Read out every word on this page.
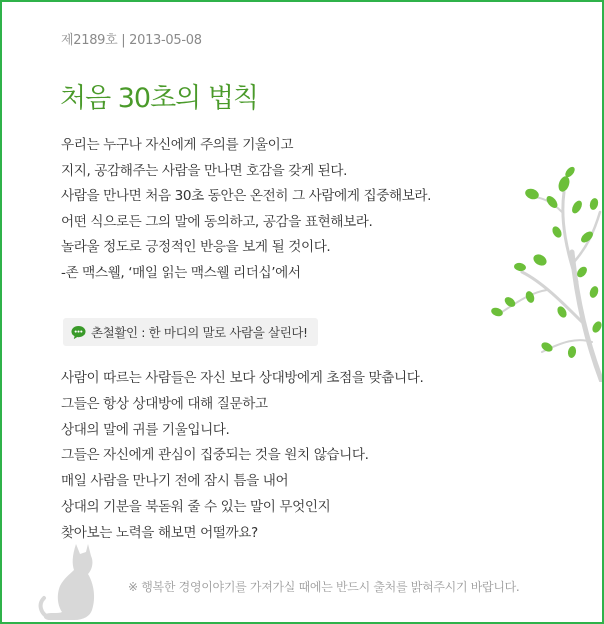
제2189호 | 2013-05-08
처음 30초의 법칙
우리는 누구나 자신에게 주의를 기울이고
지지, 공감해주는 사람을 만나면 호감을 갖게 된다.
사람을 만나면 처음 30초 동안은 온전히 그 사람에게 집중해보라.
어떤 식으로든 그의 말에 동의하고, 공감을 표현해보라.
놀라울 정도로 긍정적인 반응을 보게 될 것이다.
-존 맥스웰, ‘매일 읽는 맥스웰 리더십’에서
촌철활인 : 한 마디의 말로 사람을 살린다!
사람이 따르는 사람들은 자신 보다 상대방에게 초점을 맞춥니다.
그들은 항상 상대방에 대해 질문하고
상대의 말에 귀를 기울입니다.
그들은 자신에게 관심이 집중되는 것을 원치 않습니다.
매일 사람을 만나기 전에 잠시 틈을 내어
상대의 기분을 북돋워 줄 수 있는 말이 무엇인지
찾아보는 노력을 해보면 어떨까요?
※ 행복한 경영이야기를 가져가실 때에는 반드시 출처를 밝혀주시기 바랍니다.
